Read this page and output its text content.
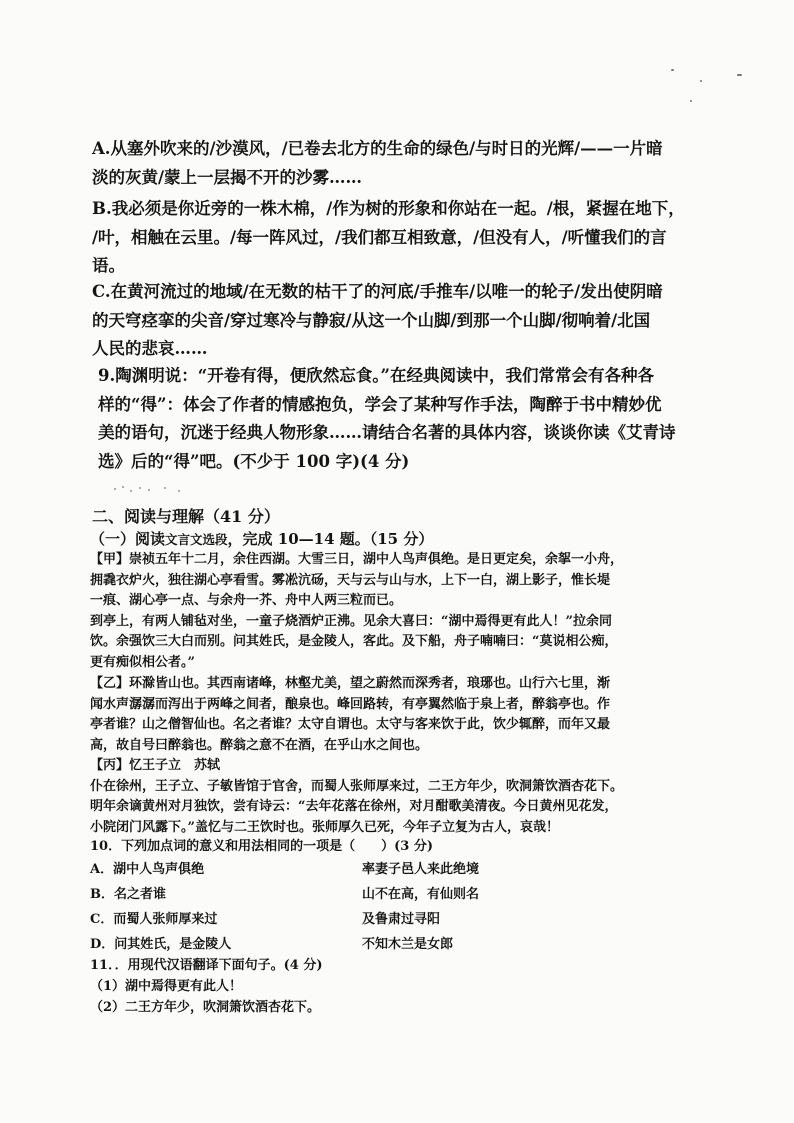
A.从塞外吹来的/沙漠风，/已卷去北方的生命的绿色/与时日的光辉/——一片暗
淡的灰黄/蒙上一层揭不开的沙雾……
B.我必须是你近旁的一株木棉，/作为树的形象和你站在一起。/根，紧握在地下，
/叶，相触在云里。/每一阵风过，/我们都互相致意，/但没有人，/听懂我们的言
语。
C.在黄河流过的地域/在无数的枯干了的河底/手推车/以唯一的轮子/发出使阴暗
的天穹痉挛的尖音/穿过寒冷与静寂/从这一个山脚/到那一个山脚/彻响着/北国
人民的悲哀……
9.陶渊明说：“开卷有得，便欣然忘食。”在经典阅读中，我们常常会有各种各
样的“得”：体会了作者的情感抱负，学会了某种写作手法，陶醉于书中精妙优
美的语句，沉迷于经典人物形象……请结合名著的具体内容，谈谈你读《艾青诗
选》后的“得”吧。(不少于 100 字)(4 分)
二、阅读与理解（41 分）
（一）阅读文言文选段，完成 10—14 题。（15 分）
【甲】崇祯五年十二月，余住西湖。大雪三日，湖中人鸟声俱绝。是日更定矣，余挐一小舟，
拥毳衣炉火，独往湖心亭看雪。雾凇沆砀，天与云与山与水，上下一白，湖上影子，惟长堤
一痕、湖心亭一点、与余舟一芥、舟中人两三粒而已。
到亭上，有两人铺毡对坐，一童子烧酒炉正沸。见余大喜曰：“湖中焉得更有此人！”拉余同
饮。余强饮三大白而别。问其姓氏，是金陵人，客此。及下船，舟子喃喃曰：“莫说相公痴，
更有痴似相公者。”
【乙】环滁皆山也。其西南诸峰，林壑尤美，望之蔚然而深秀者，琅琊也。山行六七里，渐
闻水声潺潺而泻出于两峰之间者，酿泉也。峰回路转，有亭翼然临于泉上者，醉翁亭也。作
亭者谁？山之僧智仙也。名之者谁？太守自谓也。太守与客来饮于此，饮少辄醉，而年又最
高，故自号曰醉翁也。醉翁之意不在酒，在乎山水之间也。
【丙】忆王子立　苏轼
仆在徐州，王子立、子敏皆馆于官舍，而蜀人张师厚来过，二王方年少，吹洞箫饮酒杏花下。
明年余谪黄州对月独饮，尝有诗云：“去年花落在徐州，对月酣歌美清夜。今日黄州见花发，
小院闭门风露下。”盖忆与二王饮时也。张师厚久已死，今年子立复为古人，哀哉！
10．下列加点词的意义和用法相同的一项是（　　）(3 分)
A．湖中人鸟声俱绝	率妻子邑人来此绝境
B．名之者谁	山不在高，有仙则名
C．而蜀人张师厚来过	及鲁肃过寻阳
D．问其姓氏，是金陵人	不知木兰是女郎
11．．用现代汉语翻译下面句子。(4 分)
（1）湖中焉得更有此人！
（2）二王方年少，吹洞箫饮酒杏花下。
